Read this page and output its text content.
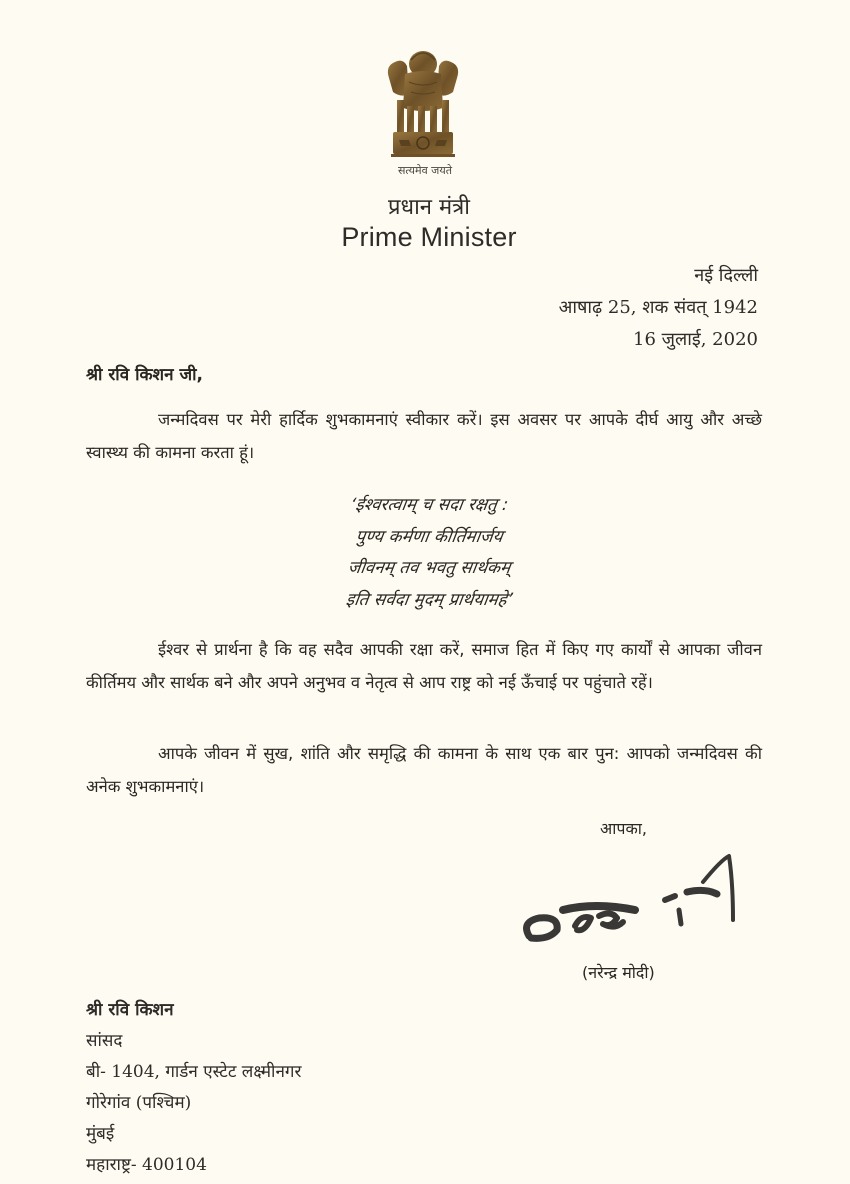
सत्यमेव जयते
प्रधान मंत्री
Prime Minister
नई दिल्ली
आषाढ़ 25, शक संवत् 1942
16 जुलाई, 2020
श्री रवि किशन जी,
जन्मदिवस पर मेरी हार्दिक शुभकामनाएं स्वीकार करें। इस अवसर पर आपके दीर्घ आयु और अच्छे स्वास्थ्य की कामना करता हूं।
‘ईश्वरत्वाम् च सदा रक्षतु :
पुण्य कर्मणा कीर्तिमार्जय
जीवनम् तव भवतु सार्थकम्
इति सर्वदा मुदम् प्रार्थयामहे’
ईश्वर से प्रार्थना है कि वह सदैव आपकी रक्षा करें, समाज हित में किए गए कार्यों से आपका जीवन कीर्तिमय और सार्थक बने और अपने अनुभव व नेतृत्व से आप राष्ट्र को नई ऊँचाई पर पहुंचाते रहें।
आपके जीवन में सुख, शांति और समृद्धि की कामना के साथ एक बार पुन: आपको जन्मदिवस की अनेक शुभकामनाएं।
आपका,
(नरेन्द्र मोदी)
श्री रवि किशन
सांसद
बी- 1404, गार्डन एस्टेट लक्ष्मीनगर
गोरेगांव (पश्चिम)
मुंबई
महाराष्ट्र- 400104
